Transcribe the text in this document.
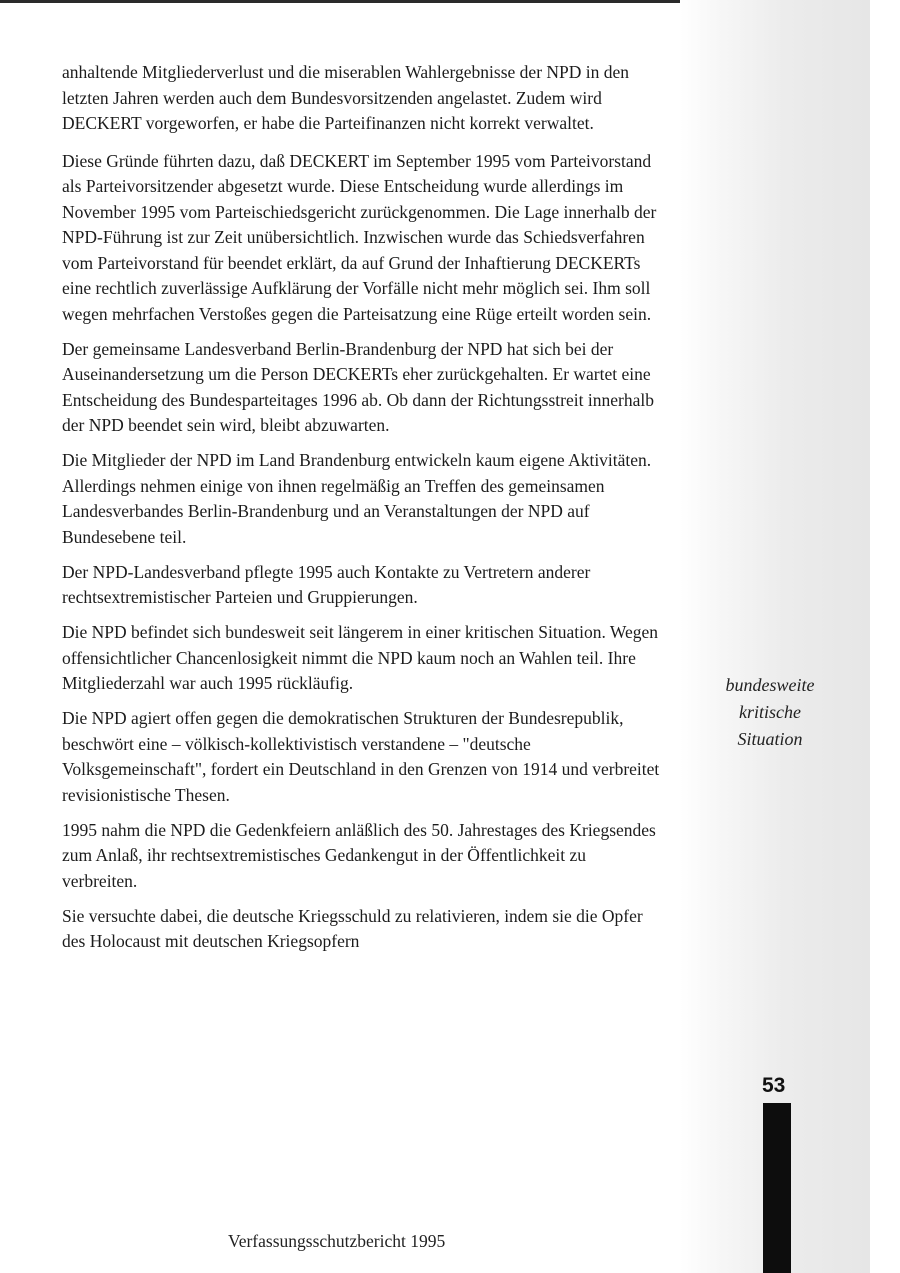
anhaltende Mitgliederverlust und die miserablen Wahlergebnisse der NPD in den letzten Jahren werden auch dem Bundesvorsitzenden angelastet. Zudem wird DECKERT vorgeworfen, er habe die Parteifinanzen nicht korrekt verwaltet.

Diese Gründe führten dazu, daß DECKERT im September 1995 vom Parteivorstand als Parteivorsitzender abgesetzt wurde. Diese Entscheidung wurde allerdings im November 1995 vom Parteischiedsgericht zurückgenommen. Die Lage innerhalb der NPD-Führung ist zur Zeit unübersichtlich. Inzwischen wurde das Schiedsverfahren vom Parteivorstand für beendet erklärt, da auf Grund der Inhaftierung DECKERTs eine rechtlich zuverlässige Aufklärung der Vorfälle nicht mehr möglich sei. Ihm soll wegen mehrfachen Verstoßes gegen die Parteisatzung eine Rüge erteilt worden sein.

Der gemeinsame Landesverband Berlin-Brandenburg der NPD hat sich bei der Auseinandersetzung um die Person DECKERTs eher zurückgehalten. Er wartet eine Entscheidung des Bundesparteitages 1996 ab. Ob dann der Richtungsstreit innerhalb der NPD beendet sein wird, bleibt abzuwarten.

Die Mitglieder der NPD im Land Brandenburg entwickeln kaum eigene Aktivitäten. Allerdings nehmen einige von ihnen regelmäßig an Treffen des gemeinsamen Landesverbandes Berlin-Brandenburg und an Veranstaltungen der NPD auf Bundesebene teil.

Der NPD-Landesverband pflegte 1995 auch Kontakte zu Vertretern anderer rechtsextremistischer Parteien und Gruppierungen.

Die NPD befindet sich bundesweit seit längerem in einer kritischen Situation. Wegen offensichtlicher Chancenlosigkeit nimmt die NPD kaum noch an Wahlen teil. Ihre Mitgliederzahl war auch 1995 rückläufig.

Die NPD agiert offen gegen die demokratischen Strukturen der Bundesrepublik, beschwört eine – völkisch-kollektivistisch verstandene – "deutsche Volksgemeinschaft", fordert ein Deutschland in den Grenzen von 1914 und verbreitet revisionistische Thesen.

1995 nahm die NPD die Gedenkfeiern anläßlich des 50. Jahrestages des Kriegsendes zum Anlaß, ihr rechtsextremistisches Gedankengut in der Öffentlichkeit zu verbreiten.

Sie versuchte dabei, die deutsche Kriegsschuld zu relativieren, indem sie die Opfer des Holocaust mit deutschen Kriegsopfern

bundesweite
kritische
Situation
53
Verfassungsschutzbericht 1995
